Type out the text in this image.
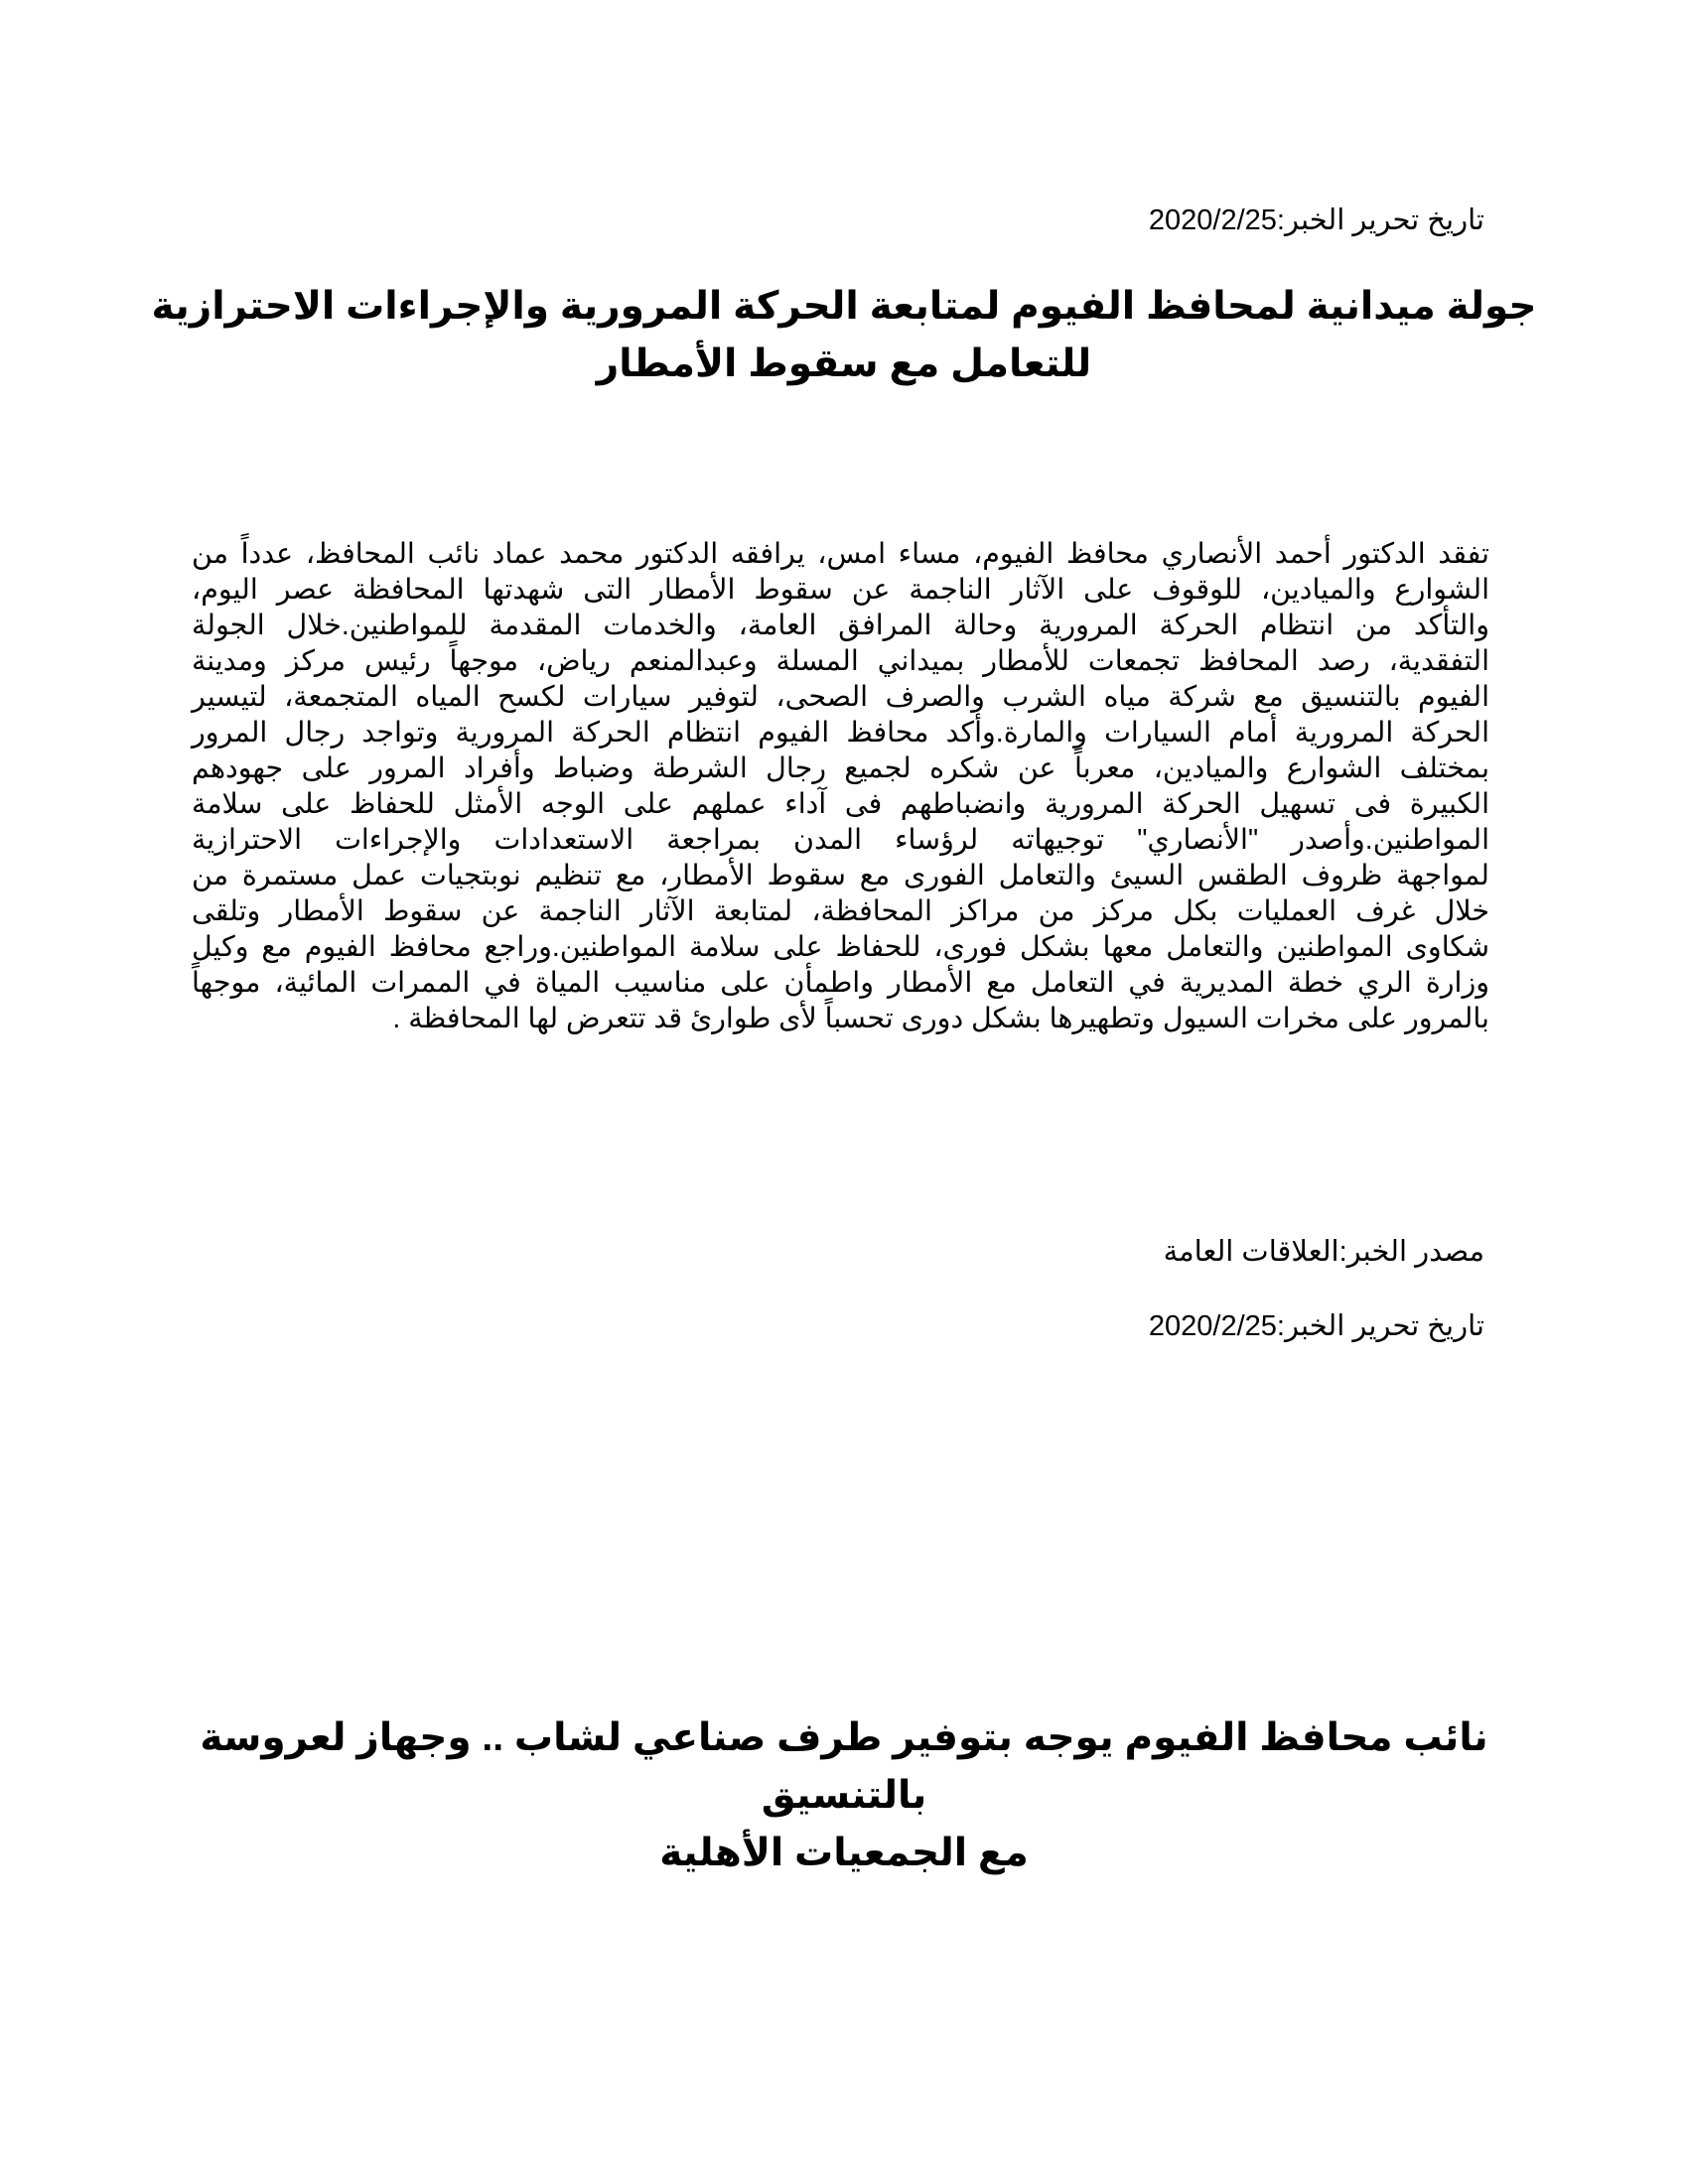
تاريخ تحرير الخبر:2020/2/25
جولة ميدانية لمحافظ الفيوم لمتابعة الحركة المرورية والإجراءات الاحترازية
للتعامل مع سقوط الأمطار
تفقد الدكتور أحمد الأنصاري محافظ الفيوم، مساء امس، يرافقه الدكتور محمد عماد نائب المحافظ، عدداً من
الشوارع والميادين، للوقوف على الآثار الناجمة عن سقوط الأمطار التى شهدتها المحافظة عصر اليوم،
والتأكد من انتظام الحركة المرورية وحالة المرافق العامة، والخدمات المقدمة للمواطنين.خلال الجولة
التفقدية، رصد المحافظ تجمعات للأمطار بميداني المسلة وعبدالمنعم رياض، موجهاً رئيس مركز ومدينة
الفيوم بالتنسيق مع شركة مياه الشرب والصرف الصحى، لتوفير سيارات لكسح المياه المتجمعة، لتيسير
الحركة المرورية أمام السيارات والمارة.وأكد محافظ الفيوم انتظام الحركة المرورية وتواجد رجال المرور
بمختلف الشوارع والميادين، معرباً عن شكره لجميع رجال الشرطة وضباط وأفراد المرور على جهودهم
الكبيرة فى تسهيل الحركة المرورية وانضباطهم فى آداء عملهم على الوجه الأمثل للحفاظ على سلامة
المواطنين.وأصدر "الأنصاري" توجيهاته لرؤساء المدن بمراجعة الاستعدادات والإجراءات الاحترازية
لمواجهة ظروف الطقس السيئ والتعامل الفورى مع سقوط الأمطار، مع تنظيم نوبتجيات عمل مستمرة من
خلال غرف العمليات بكل مركز من مراكز المحافظة، لمتابعة الآثار الناجمة عن سقوط الأمطار وتلقى
شكاوى المواطنين والتعامل معها بشكل فورى، للحفاظ على سلامة المواطنين.وراجع محافظ الفيوم مع وكيل
وزارة الري خطة المديرية في التعامل مع الأمطار واطمأن على مناسيب المياة في الممرات المائية، موجهاً
بالمرور على مخرات السيول وتطهيرها بشكل دورى تحسباً لأى طوارئ قد تتعرض لها المحافظة .
مصدر الخبر:العلاقات العامة
تاريخ تحرير الخبر:2020/2/25
نائب محافظ الفيوم يوجه بتوفير طرف صناعي لشاب .. وجهاز لعروسة بالتنسيق
مع الجمعيات الأهلية
